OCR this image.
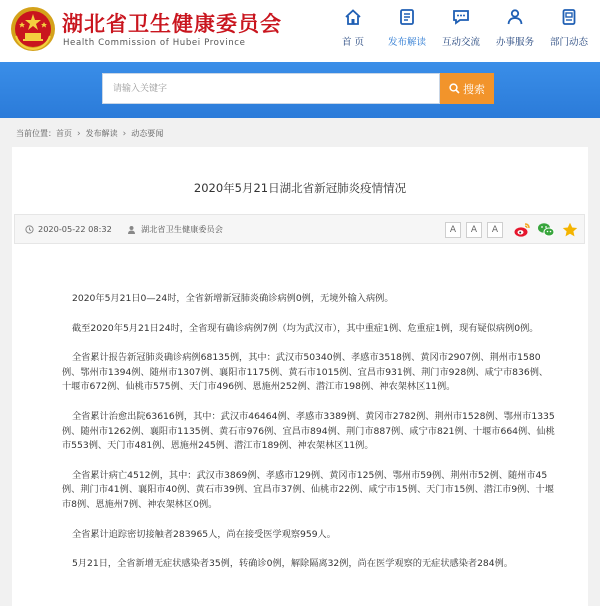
湖北省卫生健康委员会
Health Commission of Hubei Province	首 页	发布解读	互动交流	办事服务	部门动态
请输入关键字
搜索
当前位置： 首页 › 发布解读 › 动态要闻
2020年5月21日湖北省新冠肺炎疫情情况
2020-05-22 08:32	湖北省卫生健康委员会	A	A	A

2020年5月21日0—24时，全省新增新冠肺炎确诊病例0例，无境外输入病例。

截至2020年5月21日24时，全省现有确诊病例7例（均为武汉市），其中重症1例、危重症1例，现有疑似病例0例。

全省累计报告新冠肺炎确诊病例68135例，其中：武汉市50340例、孝感市3518例、黄冈市2907例、荆州市1580例、鄂州市1394例、随州市1307例、襄阳市1175例、黄石市1015例、宜昌市931例、荆门市928例、咸宁市836例、十堰市672例、仙桃市575例、天门市496例、恩施州252例、潜江市198例、神农架林区11例。

全省累计治愈出院63616例，其中：武汉市46464例、孝感市3389例、黄冈市2782例、荆州市1528例、鄂州市1335例、随州市1262例、襄阳市1135例、黄石市976例、宜昌市894例、荆门市887例、咸宁市821例、十堰市664例、仙桃市553例、天门市481例、恩施州245例、潜江市189例、神农架林区11例。

全省累计病亡4512例，其中：武汉市3869例、孝感市129例、黄冈市125例、鄂州市59例、荆州市52例、随州市45例、荆门市41例、襄阳市40例、黄石市39例、宜昌市37例、仙桃市22例、咸宁市15例、天门市15例、潜江市9例、十堰市8例、恩施州7例、神农架林区0例。

全省累计追踪密切接触者283965人，尚在接受医学观察959人。

5月21日，全省新增无症状感染者35例，转确诊0例，解除隔离32例，尚在医学观察的无症状感染者284例。
